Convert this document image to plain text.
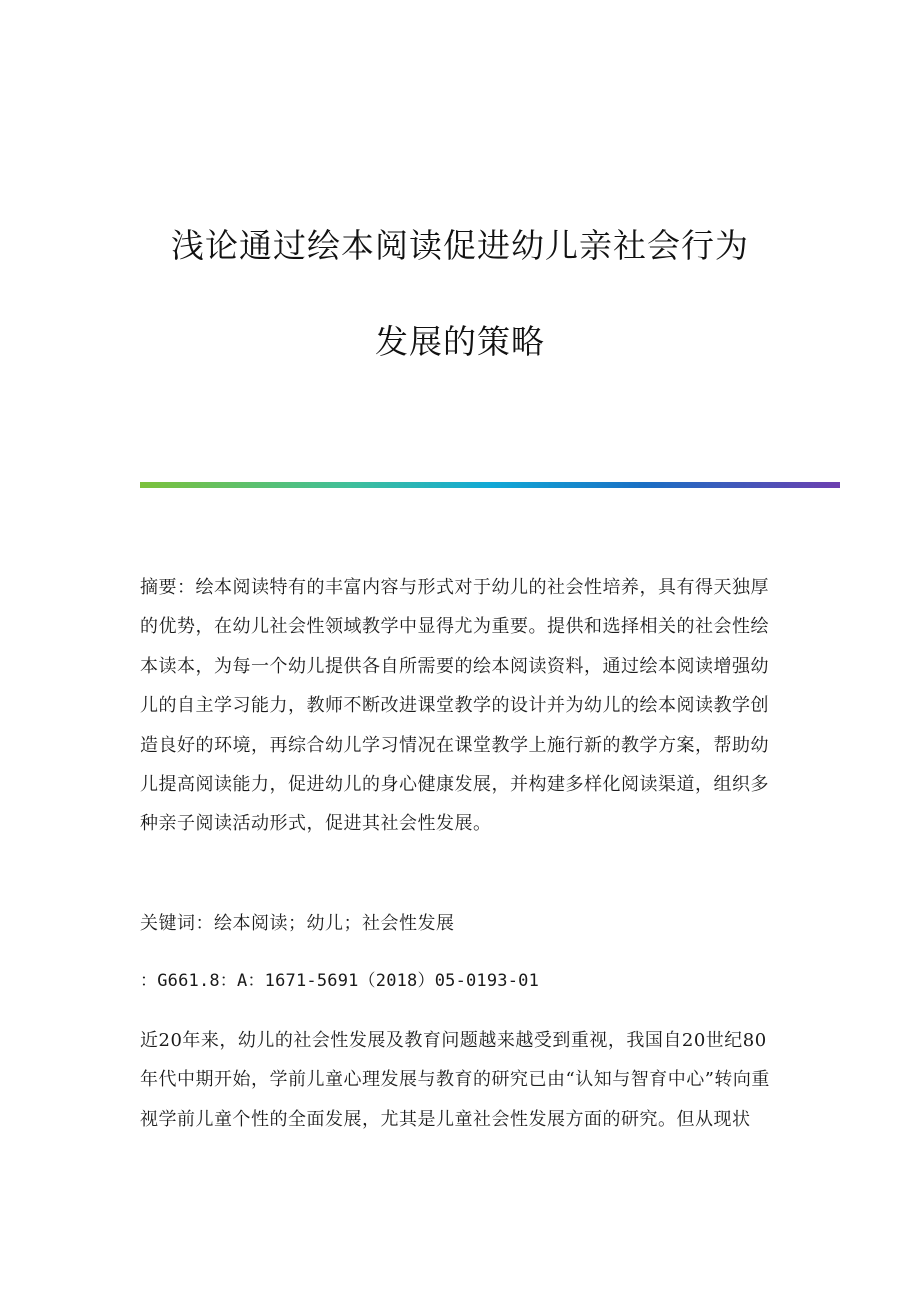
浅论通过绘本阅读促进幼儿亲社会行为
发展的策略

摘要：绘本阅读特有的丰富内容与形式对于幼儿的社会性培养，具有得天独厚的优势，在幼儿社会性领域教学中显得尤为重要。提供和选择相关的社会性绘本读本，为每一个幼儿提供各自所需要的绘本阅读资料，通过绘本阅读增强幼儿的自主学习能力，教师不断改进课堂教学的设计并为幼儿的绘本阅读教学创造良好的环境，再综合幼儿学习情况在课堂教学上施行新的教学方案，帮助幼儿提高阅读能力，促进幼儿的身心健康发展，并构建多样化阅读渠道，组织多种亲子阅读活动形式，促进其社会性发展。

关键词：绘本阅读；幼儿；社会性发展

：G661.8：A：1671-5691（2018）05-0193-01

近20年来，幼儿的社会性发展及教育问题越来越受到重视，我国自20世纪80年代中期开始，学前儿童心理发展与教育的研究已由“认知与智育中心”转向重视学前儿童个性的全面发展，尤其是儿童社会性发展方面的研究。但从现状
